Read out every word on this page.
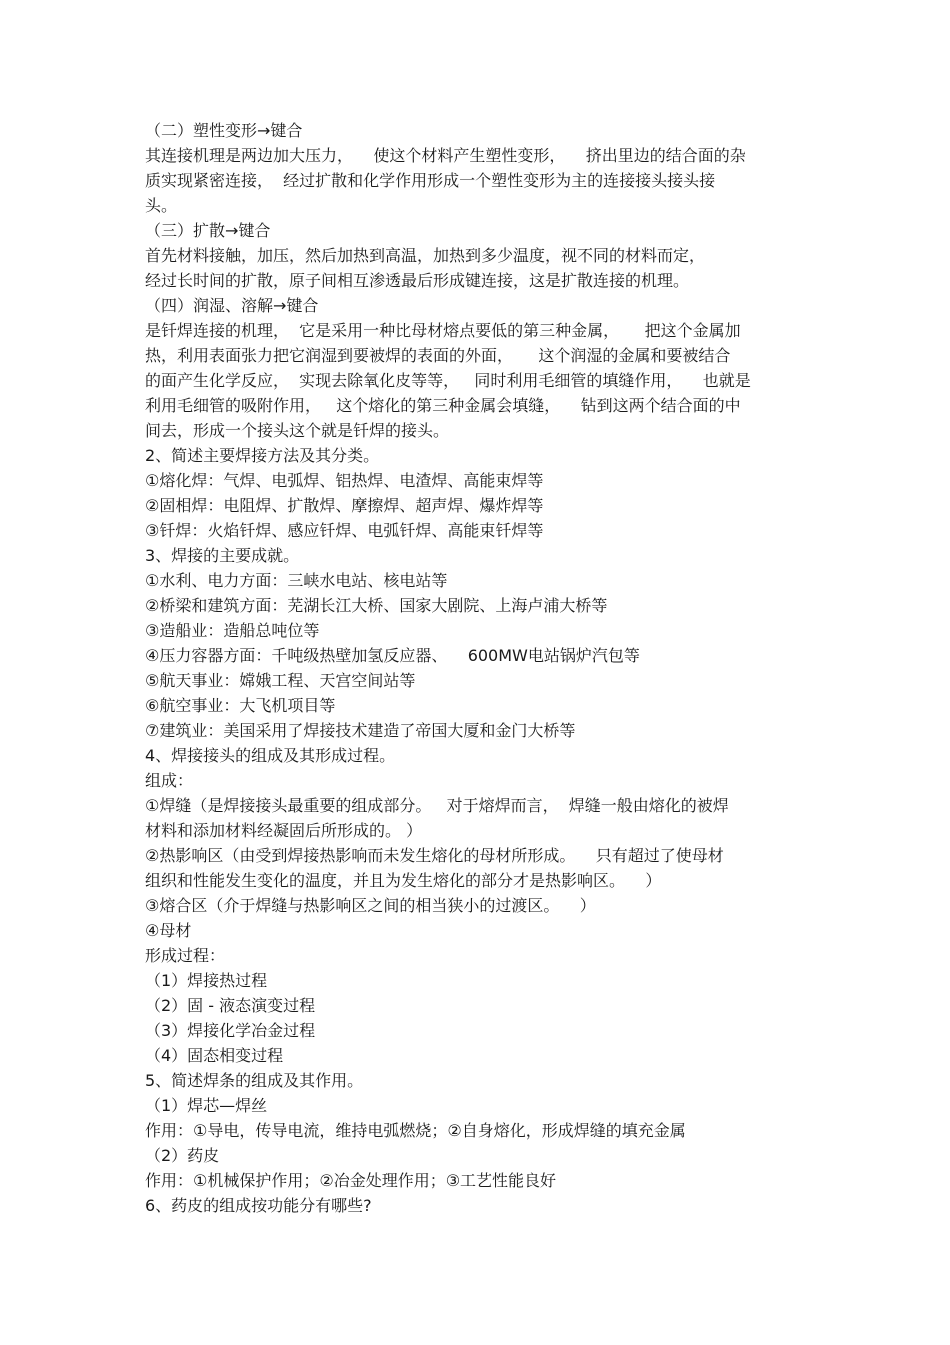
（二）塑性变形→键合
其连接机理是两边加大压力，    使这个材料产生塑性变形，    挤出里边的结合面的杂
质实现紧密连接，  经过扩散和化学作用形成一个塑性变形为主的连接接头接头接
头。
（三）扩散→键合
首先材料接触，加压，然后加热到高温，加热到多少温度，视不同的材料而定，
经过长时间的扩散，原子间相互渗透最后形成键连接，这是扩散连接的机理。
（四）润湿、溶解→键合
是钎焊连接的机理，  它是采用一种比母材熔点要低的第三种金属，     把这个金属加
热，利用表面张力把它润湿到要被焊的表面的外面，     这个润湿的金属和要被结合
的面产生化学反应，  实现去除氧化皮等等，   同时利用毛细管的填缝作用，    也就是
利用毛细管的吸附作用，   这个熔化的第三种金属会填缝，    钻到这两个结合面的中
间去，形成一个接头这个就是钎焊的接头。
2、简述主要焊接方法及其分类。
①熔化焊：气焊、电弧焊、铝热焊、电渣焊、高能束焊等
②固相焊：电阻焊、扩散焊、摩擦焊、超声焊、爆炸焊等
③钎焊：火焰钎焊、感应钎焊、电弧钎焊、高能束钎焊等
3、焊接的主要成就。
①水利、电力方面：三峡水电站、核电站等
②桥梁和建筑方面：芜湖长江大桥、国家大剧院、上海卢浦大桥等
③造船业：造船总吨位等
④压力容器方面：千吨级热壁加氢反应器、    600MW电站锅炉汽包等
⑤航天事业：嫦娥工程、天宫空间站等
⑥航空事业：大飞机项目等
⑦建筑业：美国采用了焊接技术建造了帝国大厦和金门大桥等
4、焊接接头的组成及其形成过程。
组成：
①焊缝（是焊接接头最重要的组成部分。   对于熔焊而言，  焊缝一般由熔化的被焊
材料和添加材料经凝固后所形成的。 ）
②热影响区（由受到焊接热影响而未发生熔化的母材所形成。    只有超过了使母材
组织和性能发生变化的温度，并且为发生熔化的部分才是热影响区。    ）
③熔合区（介于焊缝与热影响区之间的相当狭小的过渡区。    ）
④母材
形成过程：
（1）焊接热过程
（2）固 - 液态演变过程
（3）焊接化学冶金过程
（4）固态相变过程
5、简述焊条的组成及其作用。
（1）焊芯—焊丝
作用：①导电，传导电流，维持电弧燃烧；②自身熔化，形成焊缝的填充金属
（2）药皮
作用：①机械保护作用；②冶金处理作用；③工艺性能良好
6、药皮的组成按功能分有哪些?
